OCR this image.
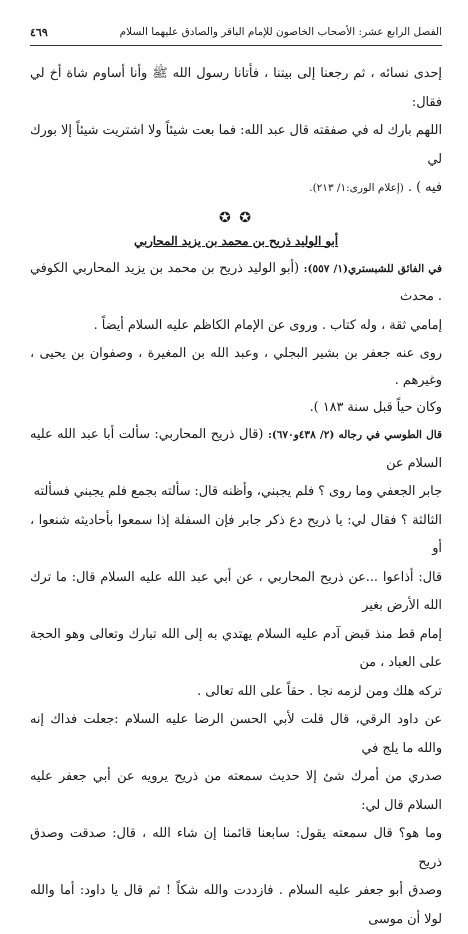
الفصل الرابع عشر: الأصحاب الخاصون للإمام الباقر والصادق عليهما السلام
٤٦٩

إحدى نسائه ، ثم رجعنا إلى بيتنا ، فأتانا رسول الله ﷺ وأنا أساوم شاة أخ لي فقال:

اللهم بارك له في صفقته قال عبد الله: فما بعت شيئاً ولا اشتريت شيئاً إلا بورك لي

فيه ) . (إعلام الورى:١/ ٢١٣).

✪ ✪
أبو الوليد ذريح بن محمد بن يزيد المحاربي

في الفائق للشبستري(١/ ٥٥٧): (أبو الوليد ذريح بن محمد بن يزيد المحاربي الكوفي . محدث

إمامي ثقة ، وله كتاب . وروى عن الإمام الكاظم عليه السلام أيضاً .

روى عنه جعفر بن بشير البجلي ، وعبد الله بن المغيرة ، وصفوان بن يحيى ، وغيرهم .

وكان حياً قبل سنة ١٨٣ ).

قال الطوسي في رجاله (٢/ ٤٣٨و٦٧٠): (قال ذريح المحاربي: سألت أبا عبد الله عليه السلام عن

جابر الجعفي وما روى ؟ فلم يجبني، وأظنه قال: سألته بجمع فلم يجبني فسألته

الثالثة ؟ فقال لي: يا ذريح دع ذكر جابر فإن السفلة إذا سمعوا بأحاديثه شنعوا ، أو

قال: أذاعوا ...عن ذريح المحاربي ، عن أبي عبد الله عليه السلام قال: ما ترك الله الأرض بغير

إمام قط منذ قبض آدم عليه السلام يهتدي به إلى الله تبارك وتعالى وهو الحجة على العباد ، من

تركه هلك ومن لزمه نجا . حقاً على الله تعالى .

عن داود الرقي، قال قلت لأبي الحسن الرضا عليه السلام :جعلت فداك إنه والله ما يلج في

صدري من أمرك شئ إلا حديث سمعته من ذريح يرويه عن أبي جعفر عليه السلام قال لي:

وما هو؟ قال سمعته يقول: سابعنا قائمنا إن شاء الله ، قال: صدقت وصدق ذريح

وصدق أبو جعفر عليه السلام . فازددت والله شكاً ! ثم قال يا داود: أما والله لولا أن موسى
